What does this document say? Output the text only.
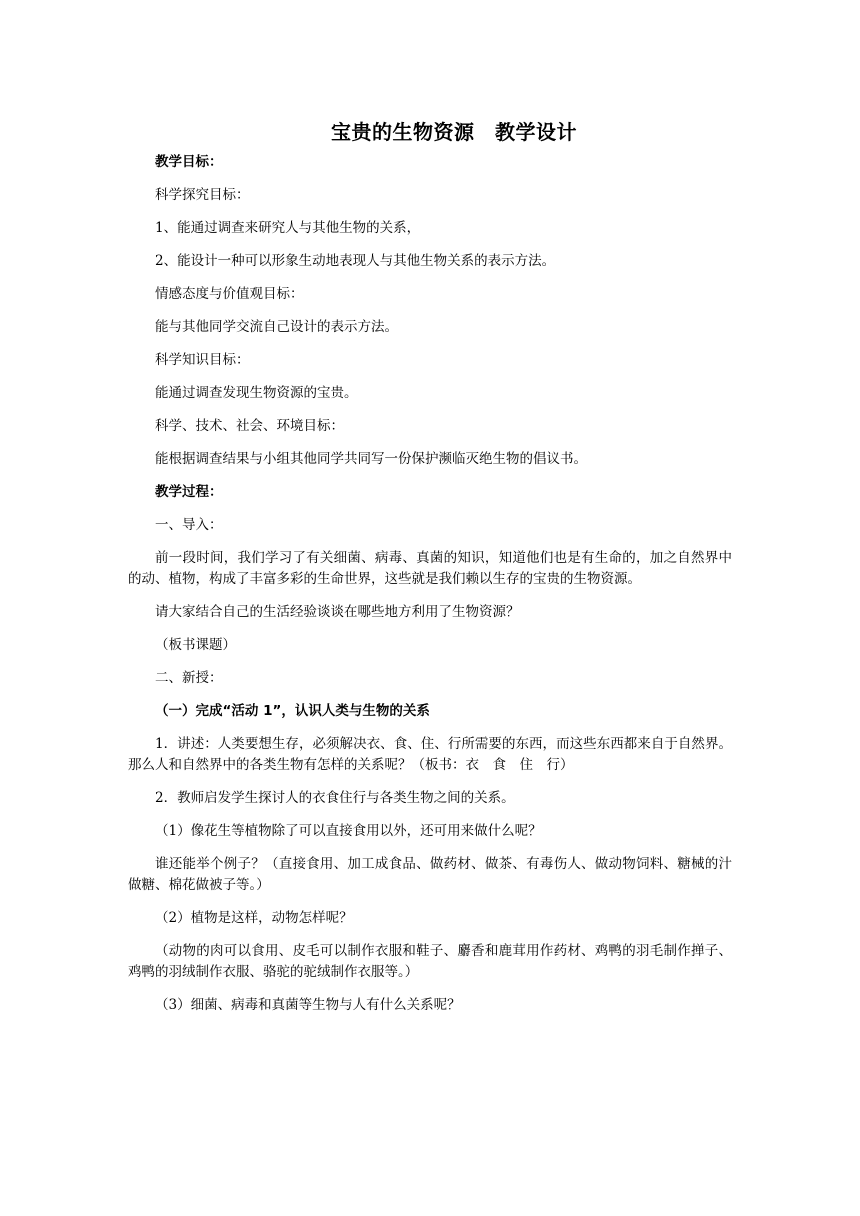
宝贵的生物资源　教学设计

教学目标：

科学探究目标：

1、能通过调查来研究人与其他生物的关系，

2、能设计一种可以形象生动地表现人与其他生物关系的表示方法。

情感态度与价值观目标：

能与其他同学交流自己设计的表示方法。

科学知识目标：

能通过调查发现生物资源的宝贵。

科学、技术、社会、环境目标：

能根据调查结果与小组其他同学共同写一份保护濒临灭绝生物的倡议书。

教学过程：

一、导入：

前一段时间，我们学习了有关细菌、病毒、真菌的知识，知道他们也是有生命的，加之自然界中的动、植物，构成了丰富多彩的生命世界，这些就是我们赖以生存的宝贵的生物资源。

请大家结合自己的生活经验谈谈在哪些地方利用了生物资源？

（板书课题）

二、新授：

（一）完成“活动 1”，认识人类与生物的关系

1．讲述：人类要想生存，必须解决衣、食、住、行所需要的东西，而这些东西都来自于自然界。那么人和自然界中的各类生物有怎样的关系呢？（板书：衣　食　住　行）

2．教师启发学生探讨人的衣食住行与各类生物之间的关系。

（1）像花生等植物除了可以直接食用以外，还可用来做什么呢？

谁还能举个例子？（直接食用、加工成食品、做药材、做茶、有毒伤人、做动物饲料、糖械的汁做糖、棉花做被子等。）

（2）植物是这样，动物怎样呢？

（动物的肉可以食用、皮毛可以制作衣服和鞋子、麝香和鹿茸用作药材、鸡鸭的羽毛制作掸子、鸡鸭的羽绒制作衣服、骆驼的驼绒制作衣服等。）

（3）细菌、病毒和真菌等生物与人有什么关系呢？
